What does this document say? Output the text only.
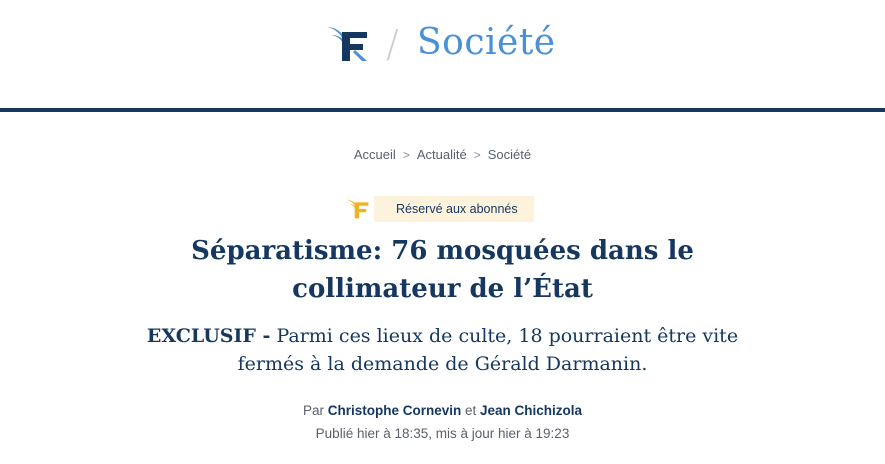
/ Société
Accueil > Actualité > Société
Réservé aux abonnés
Séparatisme: 76 mosquées dans le collimateur de l’État

EXCLUSIF - Parmi ces lieux de culte, 18 pourraient être vite fermés à la demande de Gérald Darmanin.

Par Christophe Cornevin et Jean Chichizola
Publié hier à 18:35, mis à jour hier à 19:23
